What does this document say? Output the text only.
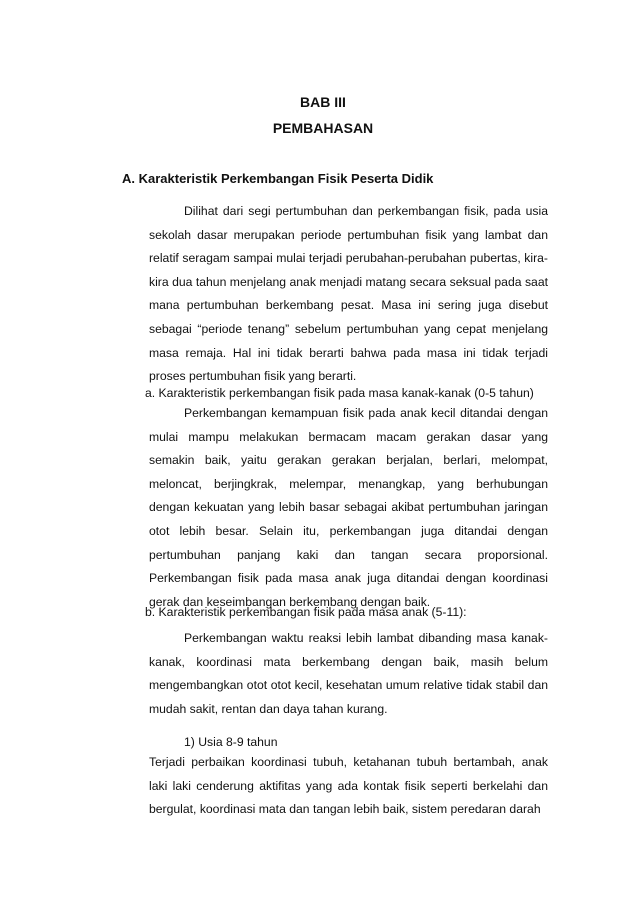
BAB III
PEMBAHASAN
A. Karakteristik Perkembangan Fisik Peserta Didik

Dilihat dari segi pertumbuhan dan perkembangan fisik, pada usia sekolah dasar merupakan periode pertumbuhan fisik yang lambat dan relatif seragam sampai mulai terjadi perubahan-perubahan pubertas, kira-kira dua tahun menjelang anak menjadi matang secara seksual pada saat mana pertumbuhan berkembang pesat. Masa ini sering juga disebut sebagai “periode tenang” sebelum pertumbuhan yang cepat menjelang masa remaja. Hal ini tidak berarti bahwa pada masa ini tidak terjadi proses pertumbuhan fisik yang berarti.

a. Karakteristik perkembangan fisik pada masa kanak-kanak (0-5 tahun)

Perkembangan kemampuan fisik pada anak kecil ditandai dengan mulai mampu melakukan bermacam macam gerakan dasar yang semakin baik, yaitu gerakan gerakan berjalan, berlari, melompat, meloncat, berjingkrak, melempar, menangkap, yang berhubungan dengan kekuatan yang lebih basar sebagai akibat pertumbuhan jaringan otot lebih besar. Selain itu, perkembangan juga ditandai dengan pertumbuhan panjang kaki dan tangan secara proporsional. Perkembangan fisik pada masa anak juga ditandai dengan koordinasi gerak dan keseimbangan berkembang dengan baik.

b. Karakteristik perkembangan fisik pada masa anak (5-11):

Perkembangan waktu reaksi lebih lambat dibanding masa kanak-kanak, koordinasi mata berkembang dengan baik, masih belum mengembangkan otot otot kecil, kesehatan umum relative tidak stabil dan mudah sakit, rentan dan daya tahan kurang.

1) Usia 8-9 tahun

Terjadi perbaikan koordinasi tubuh, ketahanan tubuh bertambah, anak laki laki cenderung aktifitas yang ada kontak fisik seperti berkelahi dan bergulat, koordinasi mata dan tangan lebih baik, sistem peredaran darah
